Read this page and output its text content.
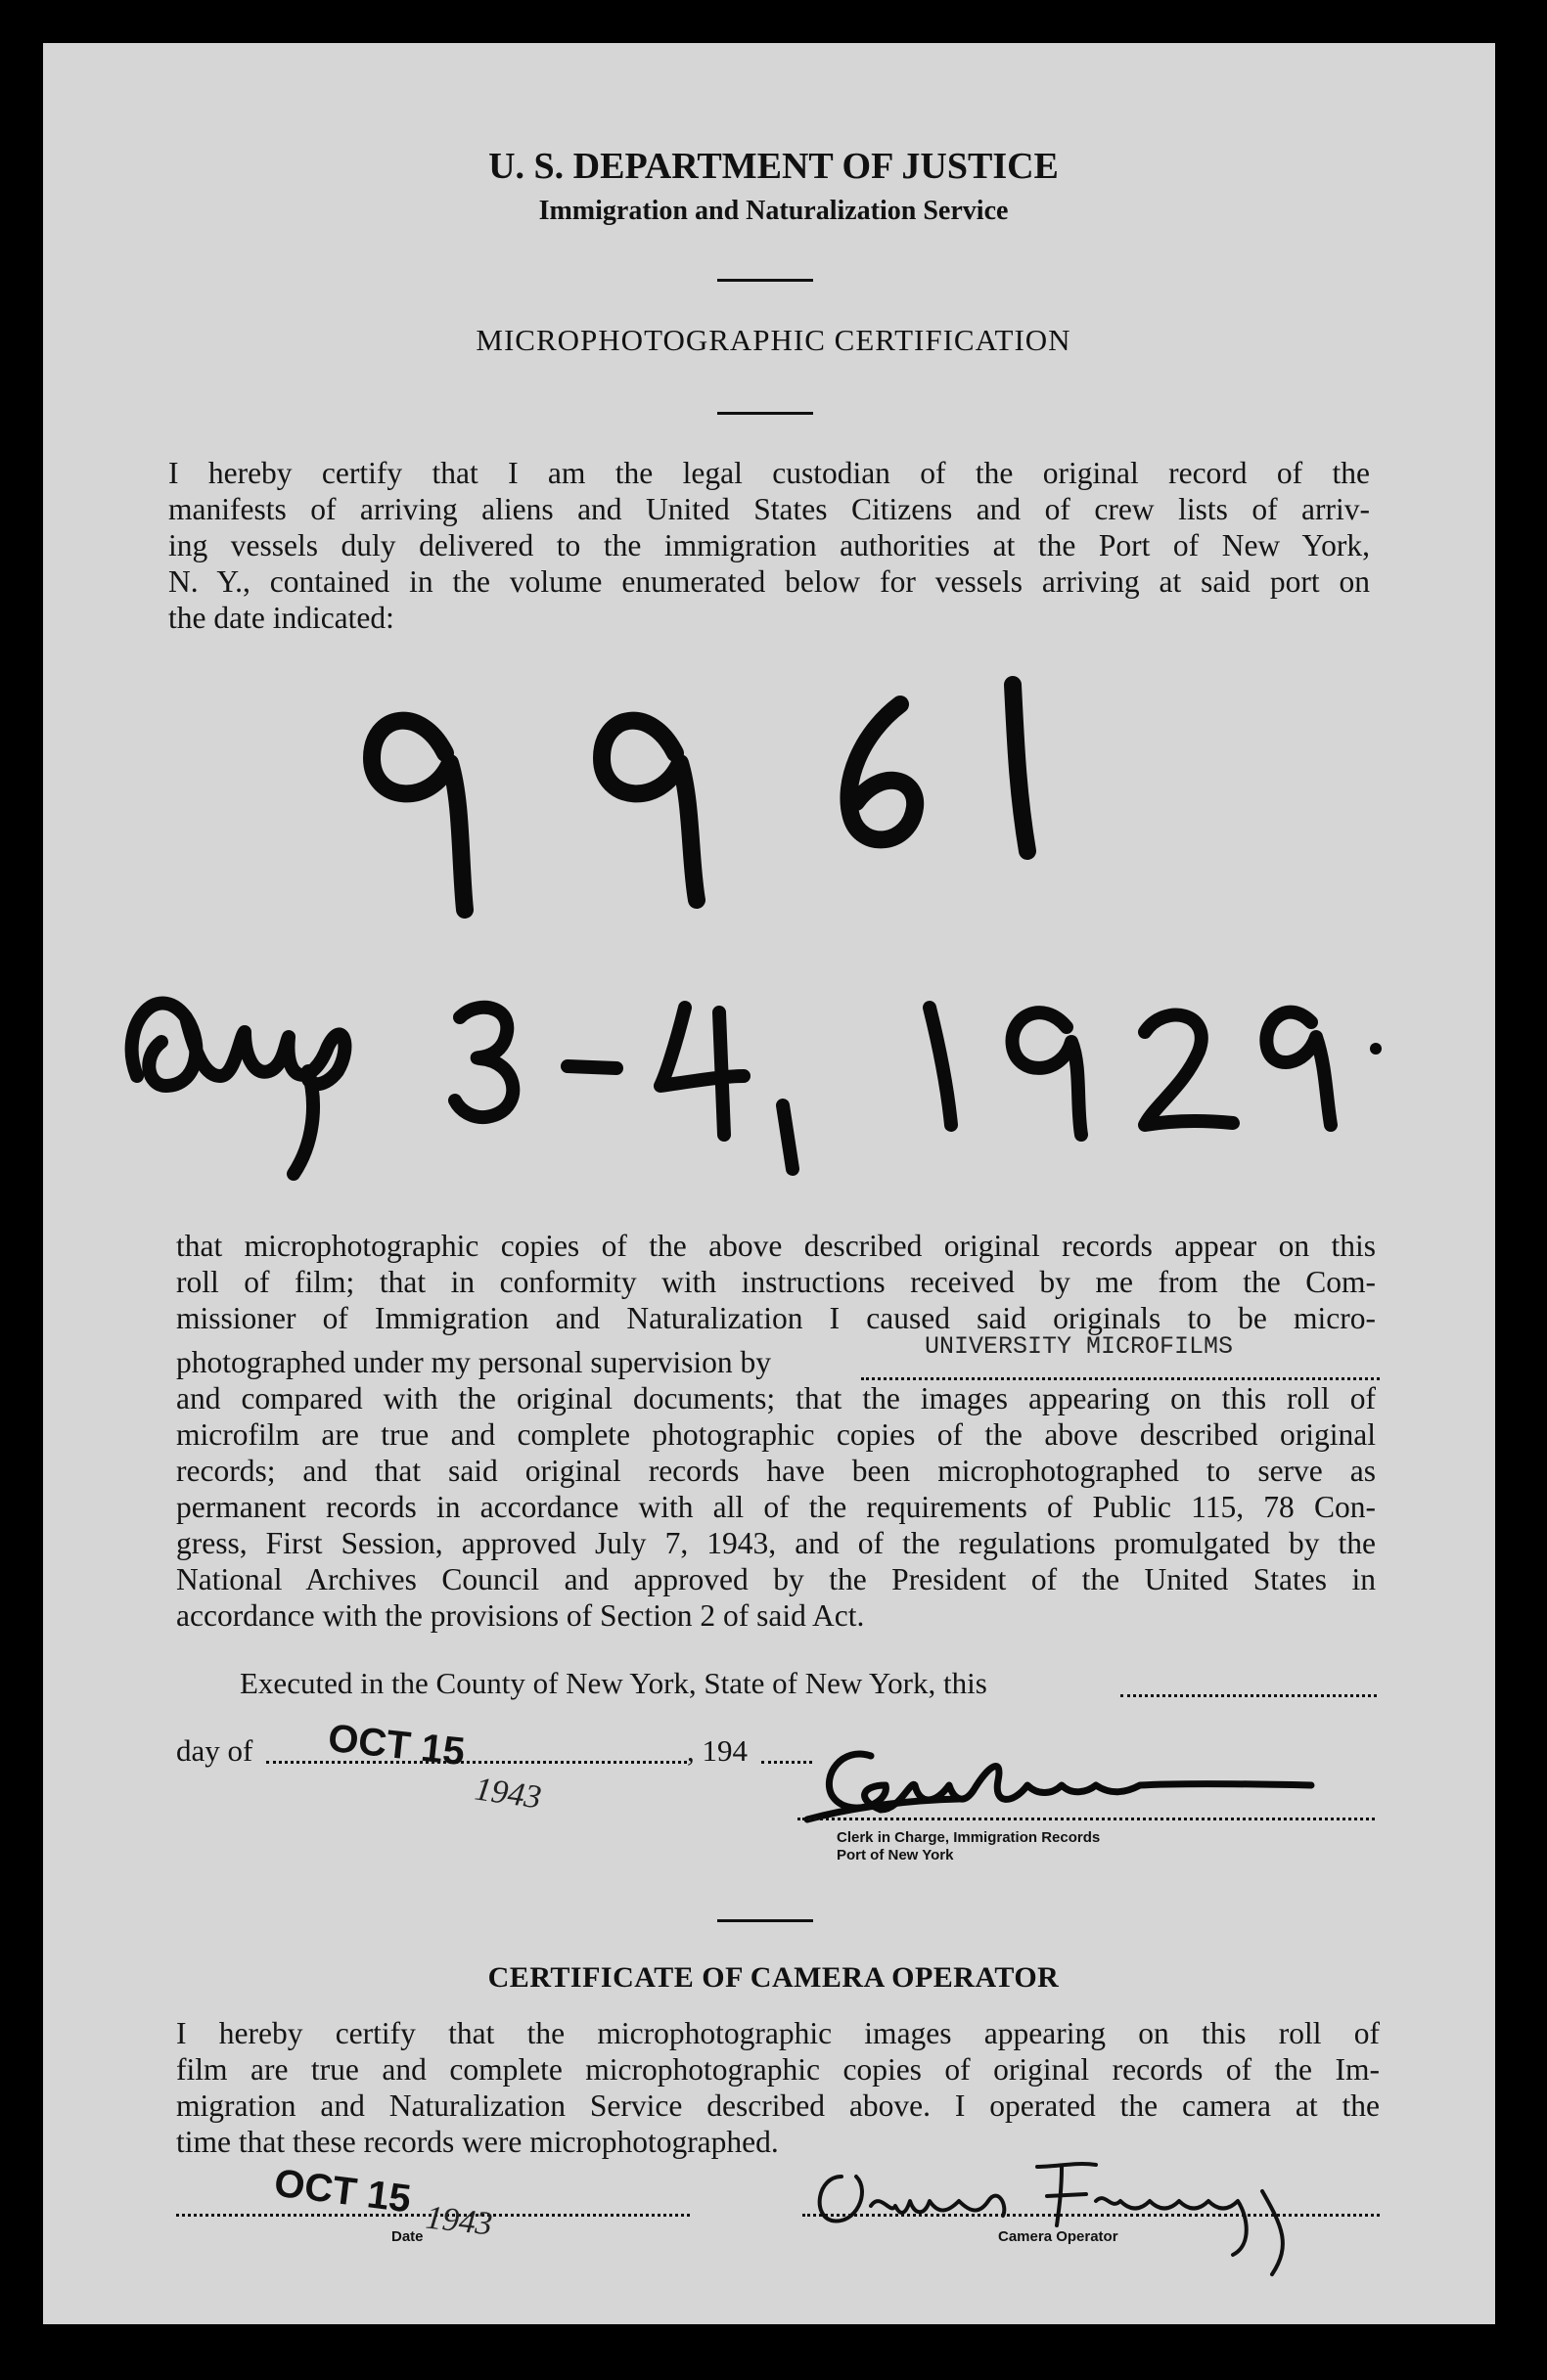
U. S. DEPARTMENT OF JUSTICE
Immigration and Naturalization Service
MICROPHOTOGRAPHIC CERTIFICATION
I hereby certify that I am the legal custodian of the original record of the
manifests of arriving aliens and United States Citizens and of crew lists of arriv-
ing vessels duly delivered to the immigration authorities at the Port of New York,
N. Y., contained in the volume enumerated below for vessels arriving at said port on
the date indicated:
that microphotographic copies of the above described original records appear on this
roll of film; that in conformity with instructions received by me from the Com-
missioner of Immigration and Naturalization I caused said originals to be micro-
photographed under my personal supervision by
and compared with the original documents; that the images appearing on this roll of
microfilm are true and complete photographic copies of the above described original
records; and that said original records have been microphotographed to serve as
permanent records in accordance with all of the requirements of Public 115, 78 Con-
gress, First Session, approved July 7, 1943, and of the regulations promulgated by the
National Archives Council and approved by the President of the United States in
accordance with the provisions of Section 2 of said Act.
UNIVERSITY MICROFILMS
Executed in the County of New York, State of New York, this
day of	, 194
OCT 15
1943
Clerk in Charge, Immigration Records
Port of New York
CERTIFICATE OF CAMERA OPERATOR
I hereby certify that the microphotographic images appearing on this roll of
film are true and complete microphotographic copies of original records of the Im-
migration and Naturalization Service described above. I operated the camera at the
time that these records were microphotographed.
Date
OCT 15
1943	Camera Operator
